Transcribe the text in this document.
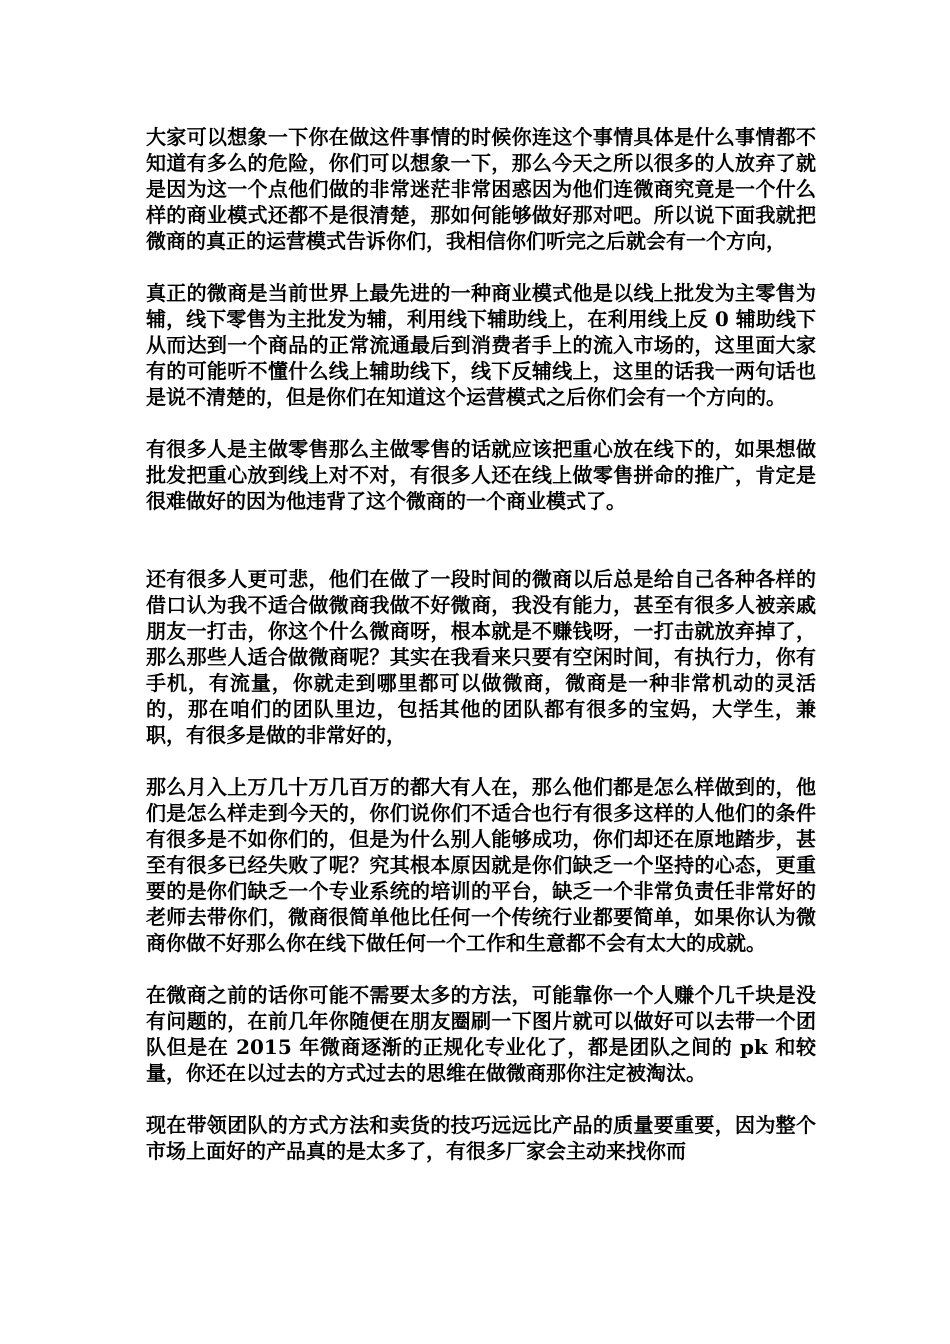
大家可以想象一下你在做这件事情的时候你连这个事情具体是什么事情都不知道有多么的危险，你们可以想象一下，那么今天之所以很多的人放弃了就是因为这一个点他们做的非常迷茫非常困惑因为他们连微商究竟是一个什么样的商业模式还都不是很清楚，那如何能够做好那对吧。所以说下面我就把微商的真正的运营模式告诉你们，我相信你们听完之后就会有一个方向，

真正的微商是当前世界上最先进的一种商业模式他是以线上批发为主零售为辅，线下零售为主批发为辅，利用线下辅助线上，在利用线上反 0 辅助线下从而达到一个商品的正常流通最后到消费者手上的流入市场的，这里面大家有的可能听不懂什么线上辅助线下，线下反辅线上，这里的话我一两句话也是说不清楚的，但是你们在知道这个运营模式之后你们会有一个方向的。

有很多人是主做零售那么主做零售的话就应该把重心放在线下的，如果想做批发把重心放到线上对不对，有很多人还在线上做零售拼命的推广，肯定是很难做好的因为他违背了这个微商的一个商业模式了。

还有很多人更可悲，他们在做了一段时间的微商以后总是给自己各种各样的借口认为我不适合做微商我做不好微商，我没有能力，甚至有很多人被亲戚朋友一打击，你这个什么微商呀，根本就是不赚钱呀，一打击就放弃掉了，那么那些人适合做微商呢？其实在我看来只要有空闲时间，有执行力，你有手机，有流量，你就走到哪里都可以做微商，微商是一种非常机动的灵活的，那在咱们的团队里边，包括其他的团队都有很多的宝妈，大学生，兼职，有很多是做的非常好的，

那么月入上万几十万几百万的都大有人在，那么他们都是怎么样做到的，他们是怎么样走到今天的，你们说你们不适合也行有很多这样的人他们的条件有很多是不如你们的，但是为什么别人能够成功，你们却还在原地踏步，甚至有很多已经失败了呢？究其根本原因就是你们缺乏一个坚持的心态，更重要的是你们缺乏一个专业系统的培训的平台，缺乏一个非常负责任非常好的老师去带你们，微商很简单他比任何一个传统行业都要简单，如果你认为微商你做不好那么你在线下做任何一个工作和生意都不会有太大的成就。

在微商之前的话你可能不需要太多的方法，可能靠你一个人赚个几千块是没有问题的，在前几年你随便在朋友圈刷一下图片就可以做好可以去带一个团队但是在 2015 年微商逐渐的正规化专业化了，都是团队之间的 pk 和较量，你还在以过去的方式过去的思维在做微商那你注定被淘汰。

现在带领团队的方式方法和卖货的技巧远远比产品的质量要重要，因为整个市场上面好的产品真的是太多了，有很多厂家会主动来找你而
